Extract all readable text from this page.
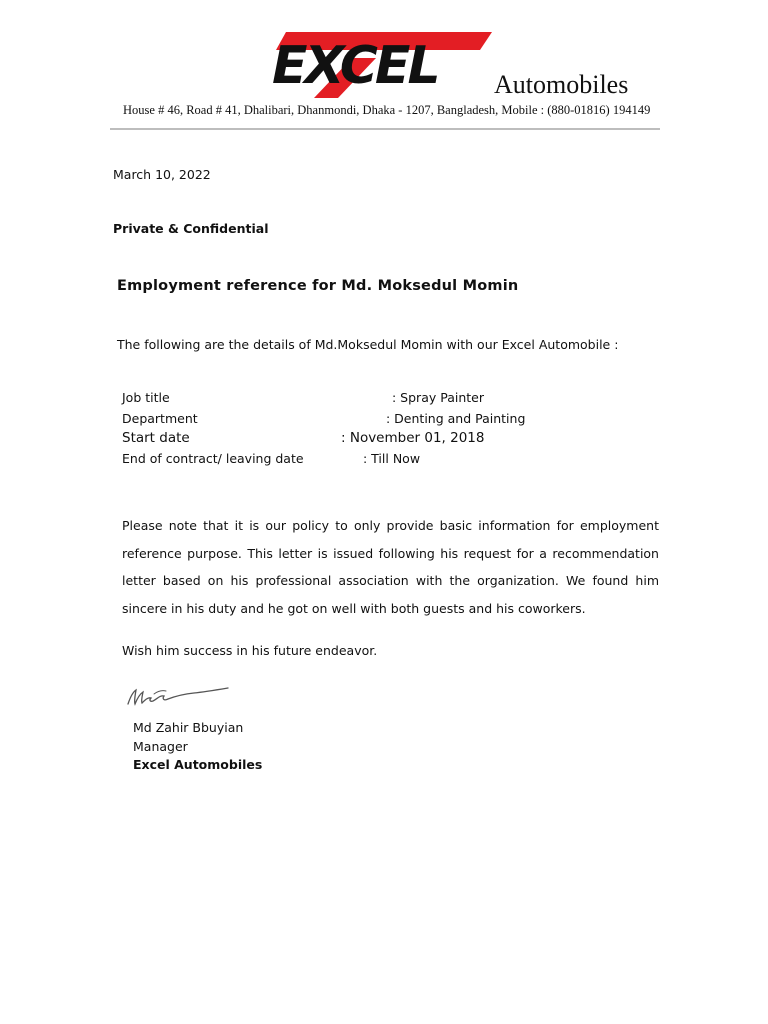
EXCEL Automobiles
House # 46, Road # 41, Dhalibari, Dhanmondi, Dhaka - 1207, Bangladesh, Mobile : (880-01816) 194149
March 10, 2022
Private & Confidential
Employment reference for Md. Moksedul Momin
The following are the details of Md.Moksedul Momin with our Excel Automobile :
Job title	: Spray Painter
Department	: Denting and Painting
Start date	: November 01, 2018
End of contract/ leaving date	: Till Now
Please note that it is our policy to only provide basic information for employment reference purpose. This letter is issued following his request for a recommendation letter based on his professional association with the organization. We found him sincere in his duty and he got on well with both guests and his coworkers.
Wish him success in his future endeavor.
Md Zahir Bbuyian
Manager
Excel Automobiles
